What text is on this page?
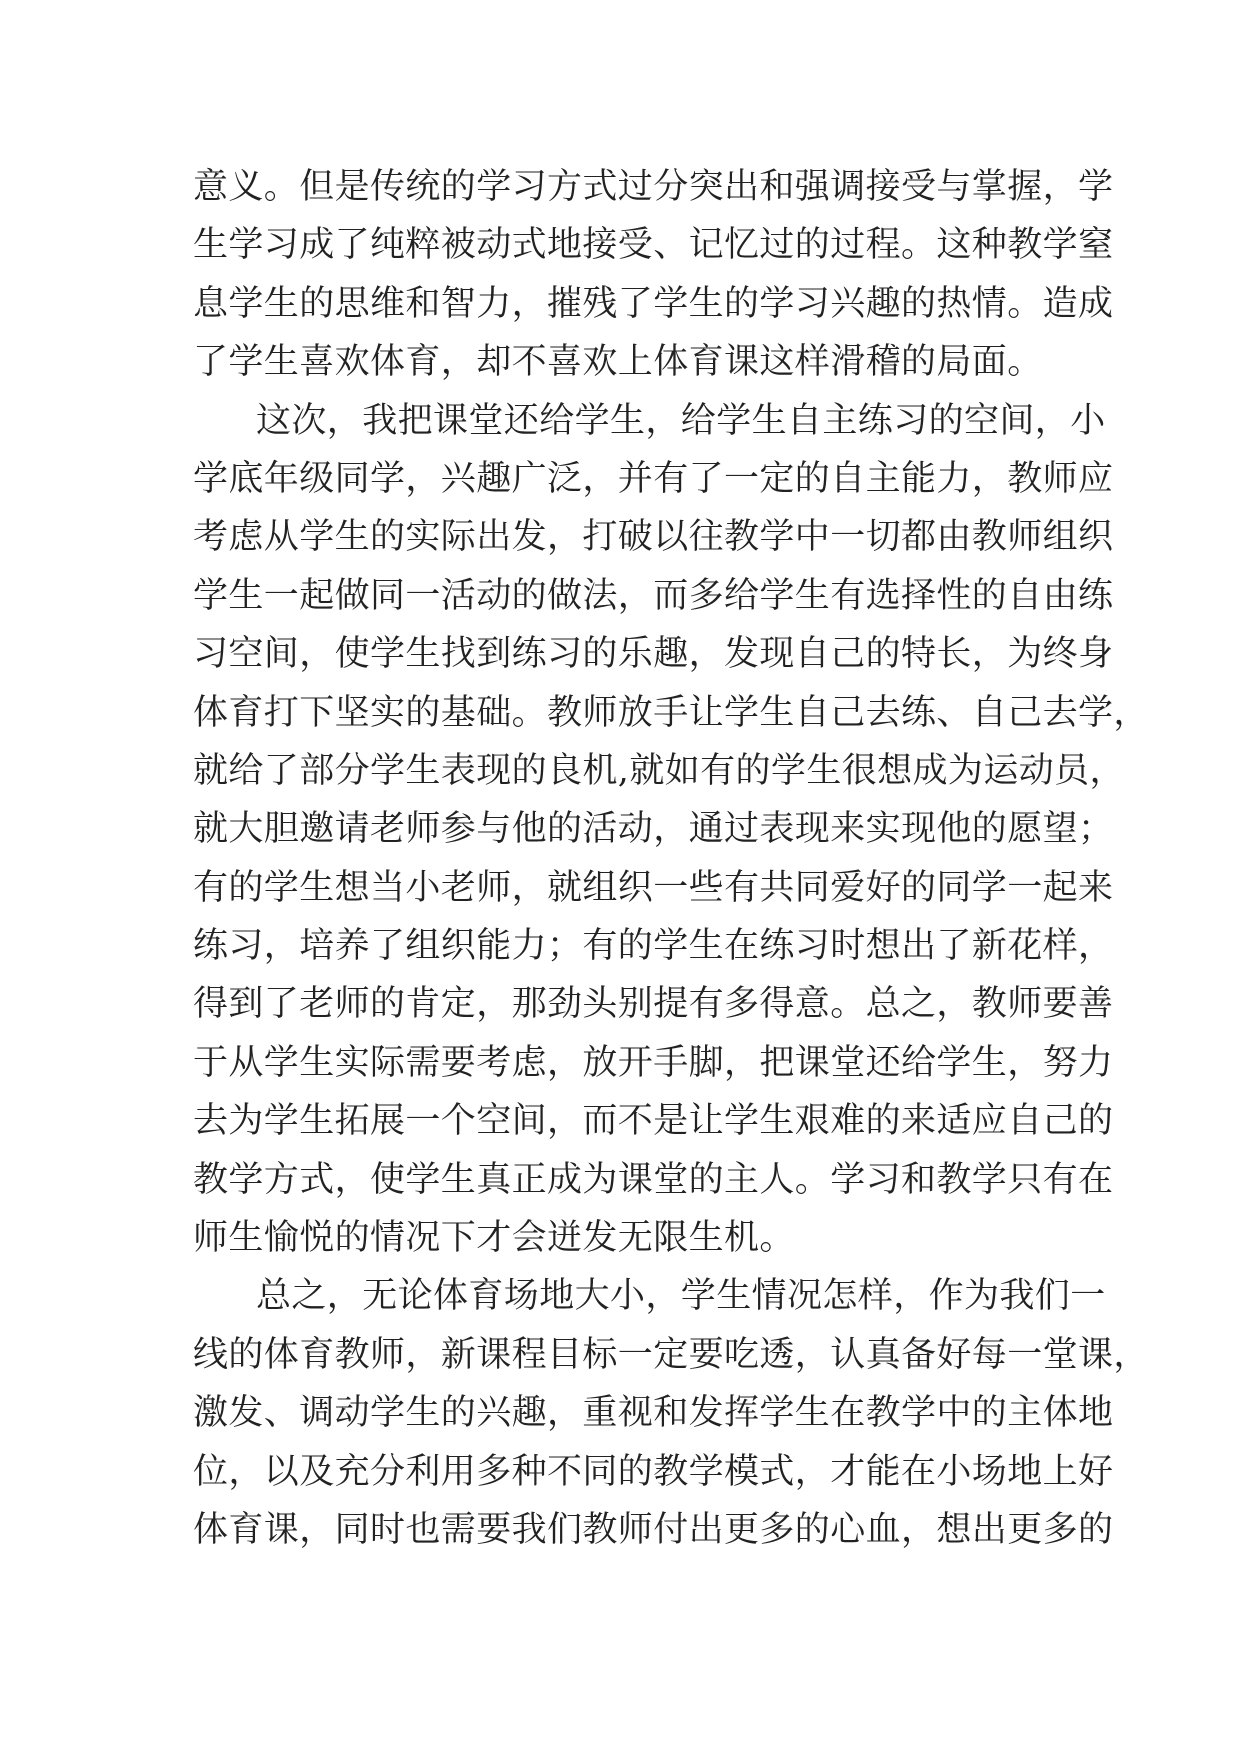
意义。但是传统的学习方式过分突出和强调接受与掌握，学
生学习成了纯粹被动式地接受、记忆过的过程。这种教学窒
息学生的思维和智力，摧残了学生的学习兴趣的热情。造成
了学生喜欢体育，却不喜欢上体育课这样滑稽的局面。
这次，我把课堂还给学生，给学生自主练习的空间，小
学底年级同学，兴趣广泛，并有了一定的自主能力，教师应
考虑从学生的实际出发，打破以往教学中一切都由教师组织
学生一起做同一活动的做法，而多给学生有选择性的自由练
习空间，使学生找到练习的乐趣，发现自己的特长，为终身
体育打下坚实的基础。教师放手让学生自己去练、自己去学，
就给了部分学生表现的良机,就如有的学生很想成为运动员，
就大胆邀请老师参与他的活动，通过表现来实现他的愿望；
有的学生想当小老师，就组织一些有共同爱好的同学一起来
练习，培养了组织能力；有的学生在练习时想出了新花样，
得到了老师的肯定，那劲头别提有多得意。总之，教师要善
于从学生实际需要考虑，放开手脚，把课堂还给学生，努力
去为学生拓展一个空间，而不是让学生艰难的来适应自己的
教学方式，使学生真正成为课堂的主人。学习和教学只有在
师生愉悦的情况下才会迸发无限生机。
总之，无论体育场地大小，学生情况怎样，作为我们一
线的体育教师，新课程目标一定要吃透，认真备好每一堂课，
激发、调动学生的兴趣，重视和发挥学生在教学中的主体地
位，以及充分利用多种不同的教学模式，才能在小场地上好
体育课，同时也需要我们教师付出更多的心血，想出更多的
